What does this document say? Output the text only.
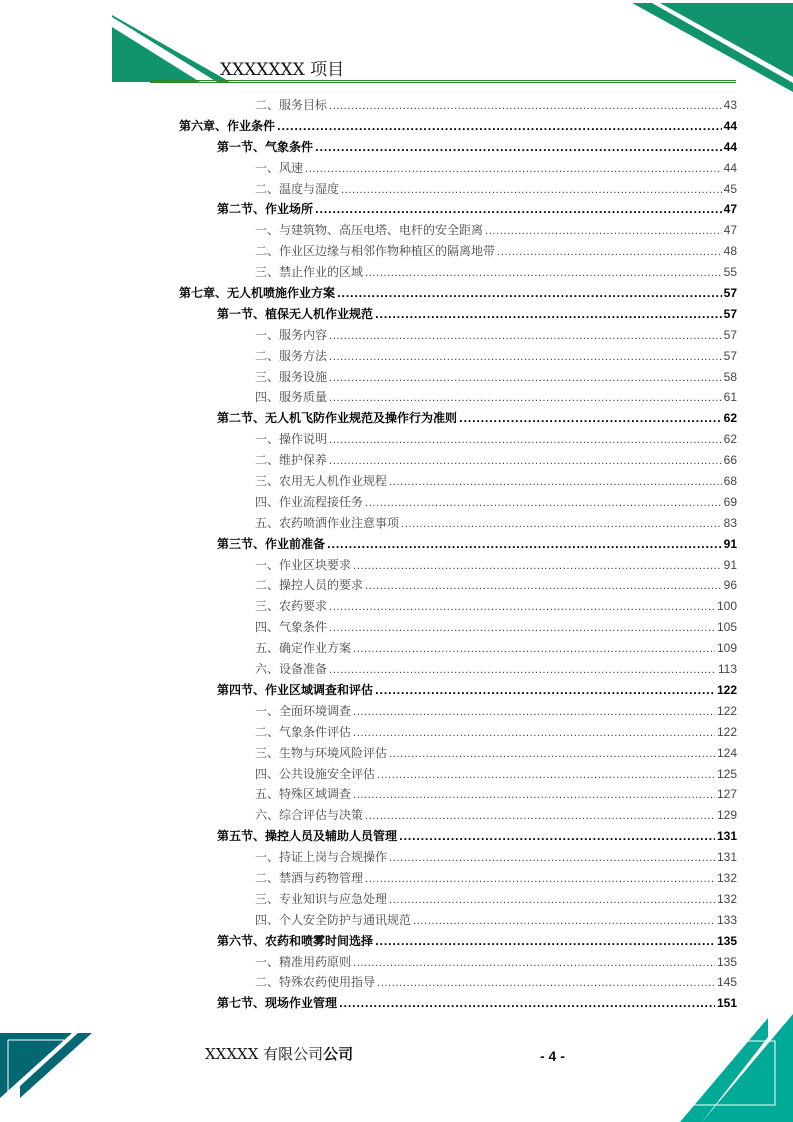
XXXXXXX 项目
二、服务目标 .....	43
第六章、作业条件 .....	44
第一节、气象条件 .....	44
一、风速 .....	44
二、温度与湿度 .....	45
第二节、作业场所 .....	47
一、与建筑物、高压电塔、电杆的安全距离 .....	47
二、作业区边缘与相邻作物种植区的隔离地带 .....	48
三、禁止作业的区域 .....	55
第七章、无人机喷施作业方案 .....	57
第一节、植保无人机作业规范 .....	57
一、服务内容 .....	57
二、服务方法 .....	57
三、服务设施 .....	58
四、服务质量 .....	61
第二节、无人机飞防作业规范及操作行为准则 .....	62
一、操作说明 .....	62
二、维护保养 .....	66
三、农用无人机作业规程 .....	68
四、作业流程接任务 .....	69
五、农药喷洒作业注意事项 .....	83
第三节、作业前准备 .....	91
一、作业区块要求 .....	91
二、操控人员的要求 .....	96
三、农药要求 .....	100
四、气象条件 .....	105
五、确定作业方案 .....	109
六、设备准备 .....	113
第四节、作业区域调查和评估 .....	122
一、全面环境调查 .....	122
二、气象条件评估 .....	122
三、生物与环境风险评估 .....	124
四、公共设施安全评估 .....	125
五、特殊区域调查 .....	127
六、综合评估与决策 .....	129
第五节、操控人员及辅助人员管理 .....	131
一、持证上岗与合规操作 .....	131
二、禁酒与药物管理 .....	132
三、专业知识与应急处理 .....	132
四、个人安全防护与通讯规范 .....	133
第六节、农药和喷雾时间选择 .....	135
一、精准用药原则 .....	135
二、特殊农药使用指导 .....	145
第七节、现场作业管理 .....	151
XXXXX 有限公司公司	- 4 -
